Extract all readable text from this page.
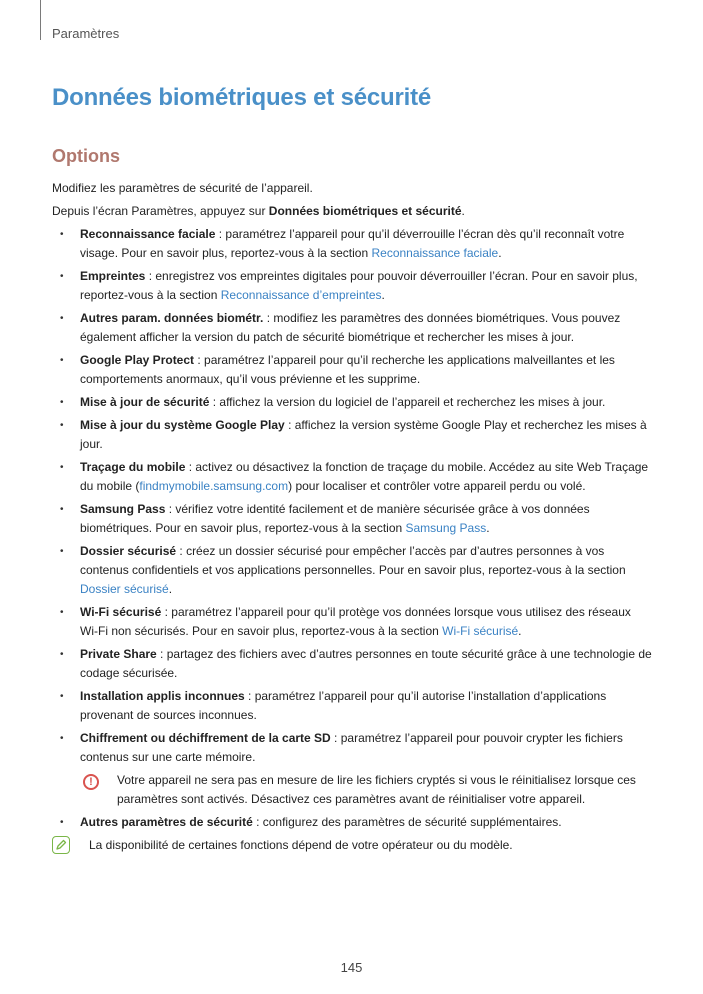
Paramètres
Données biométriques et sécurité
Options

Modifiez les paramètres de sécurité de l’appareil.

Depuis l’écran Paramètres, appuyez sur Données biométriques et sécurité.

• Reconnaissance faciale : paramétrez l’appareil pour qu’il déverrouille l’écran dès qu’il reconnaît votre visage. Pour en savoir plus, reportez-vous à la section Reconnaissance faciale.
• Empreintes : enregistrez vos empreintes digitales pour pouvoir déverrouiller l’écran. Pour en savoir plus, reportez-vous à la section Reconnaissance d’empreintes.
• Autres param. données biométr. : modifiez les paramètres des données biométriques. Vous pouvez également afficher la version du patch de sécurité biométrique et rechercher les mises à jour.
• Google Play Protect : paramétrez l’appareil pour qu’il recherche les applications malveillantes et les comportements anormaux, qu’il vous prévienne et les supprime.
• Mise à jour de sécurité : affichez la version du logiciel de l’appareil et recherchez les mises à jour.
• Mise à jour du système Google Play : affichez la version système Google Play et recherchez les mises à jour.
• Traçage du mobile : activez ou désactivez la fonction de traçage du mobile. Accédez au site Web Traçage du mobile (findmymobile.samsung.com) pour localiser et contrôler votre appareil perdu ou volé.
• Samsung Pass : vérifiez votre identité facilement et de manière sécurisée grâce à vos données biométriques. Pour en savoir plus, reportez-vous à la section Samsung Pass.
• Dossier sécurisé : créez un dossier sécurisé pour empêcher l’accès par d’autres personnes à vos contenus confidentiels et vos applications personnelles. Pour en savoir plus, reportez-vous à la section Dossier sécurisé.
• Wi-Fi sécurisé : paramétrez l’appareil pour qu’il protège vos données lorsque vous utilisez des réseaux Wi-Fi non sécurisés. Pour en savoir plus, reportez-vous à la section Wi-Fi sécurisé.
• Private Share : partagez des fichiers avec d’autres personnes en toute sécurité grâce à une technologie de codage sécurisée.
• Installation applis inconnues : paramétrez l’appareil pour qu’il autorise l’installation d’applications provenant de sources inconnues.
• Chiffrement ou déchiffrement de la carte SD : paramétrez l’appareil pour pouvoir crypter les fichiers contenus sur une carte mémoire.
!	Votre appareil ne sera pas en mesure de lire les fichiers cryptés si vous le réinitialisez lorsque ces paramètres sont activés. Désactivez ces paramètres avant de réinitialiser votre appareil.
• Autres paramètres de sécurité : configurez des paramètres de sécurité supplémentaires.
La disponibilité de certaines fonctions dépend de votre opérateur ou du modèle.
145
